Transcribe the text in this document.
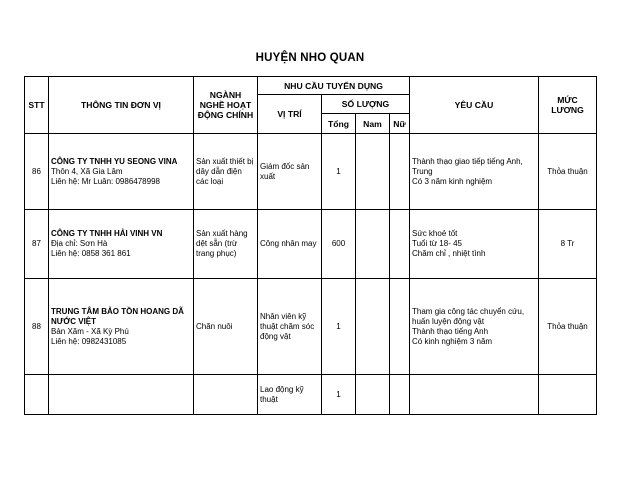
HUYỆN NHO QUAN
STT	THÔNG TIN ĐƠN VỊ	NGÀNH
NGHỀ HOẠT
ĐỘNG CHÍNH	NHU CẦU TUYỂN DỤNG				YÊU CẦU	MỨC
LƯƠNG

			VỊ TRÍ	SỐ LƯỢNG				
				Tổng	Nam	Nữ		
86	CÔNG TY TNHH YU SEONG VINA
Thôn 4, Xã Gia Lâm
Liên hệ: Mr Luân: 0986478998	Sản xuất thiết bị dây dẫn điện các loại	Giám đốc sản xuất	1			Thành thạo giao tiếp tiếng Anh,
Trung
Có 3 năm kinh nghiệm	Thỏa thuận
87	CÔNG TY TNHH HẢI VINH VN
Địa chỉ: Sơn Hà
Liên hệ: 0858 361 861	Sản xuất hàng dệt sẵn (trừ trang phục)	Công nhân may	600			Sức khoẻ tốt
Tuổi từ 18- 45
Chăm chỉ , nhiệt tình	8 Tr
88	TRUNG TÂM BẢO TỒN HOANG DÃ NƯỚC VIỆT
Bản Xăm - Xã Kỳ Phú
Liên hệ: 0982431085	Chăn nuôi	Nhân viên kỹ thuật chăm sóc động vật	1			Tham gia công tác chuyển cứu,
huấn luyện động vật
Thành thạo tiếng Anh
Có kinh nghiệm 3 năm	Thỏa thuận
			Lao động kỹ thuật	1				
